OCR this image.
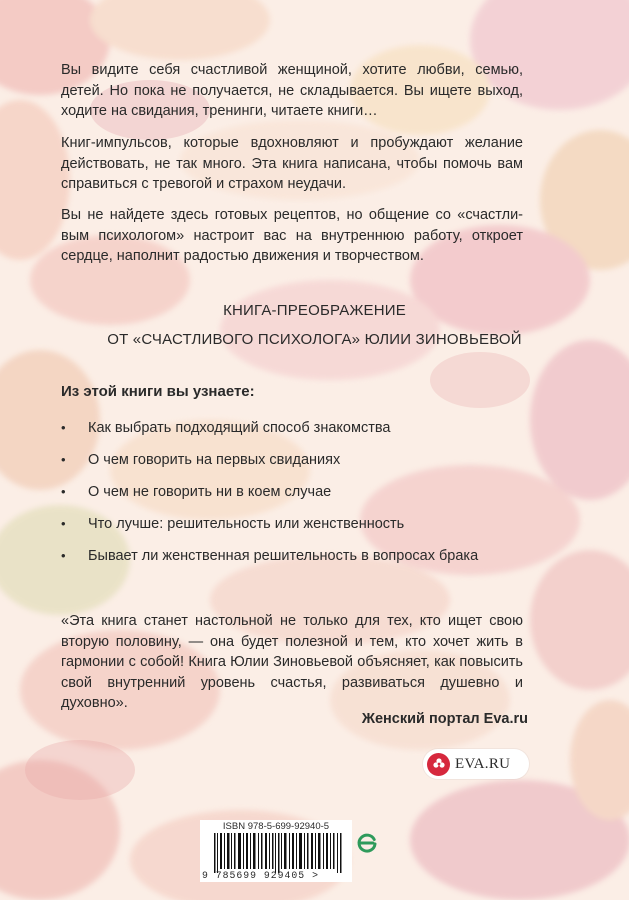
Вы видите себя счастливой женщиной, хотите любви, семью, детей. Но пока не получается, не складывается. Вы ищете выход, ходите на свидания, тренинги, читаете книги…

Книг-импульсов, которые вдохновляют и пробуждают желание действовать, не так много. Эта книга написана, чтобы помочь вам справиться с тревогой и страхом неудачи.

Вы не найдете здесь готовых рецептов, но общение со «счастли-вым психологом» настроит вас на внутреннюю работу, откроет сердце, наполнит радостью движения и творчеством.

КНИГА-ПРЕОБРАЖЕНИЕ

ОТ «СЧАСТЛИВОГО ПСИХОЛОГА» ЮЛИИ ЗИНОВЬЕВОЙ

Из этой книги вы узнаете:

• Как выбрать подходящий способ знакомства
• О чем говорить на первых свиданиях
• О чем не говорить ни в коем случае
• Что лучше: решительность или женственность
• Бывает ли женственная решительность в вопросах брака

«Эта книга станет настольной не только для тех, кто ищет свою вторую половину, — она будет полезной и тем, кто хочет жить в гармонии с собой! Книга Юлии Зиновьевой объясняет, как повысить свой внутренний уровень счастья, развиваться душевно и духовно».

Женский портал Eva.ru

EVA.RU

ISBN 978-5-699-92940-5

9 785699 929405 >
